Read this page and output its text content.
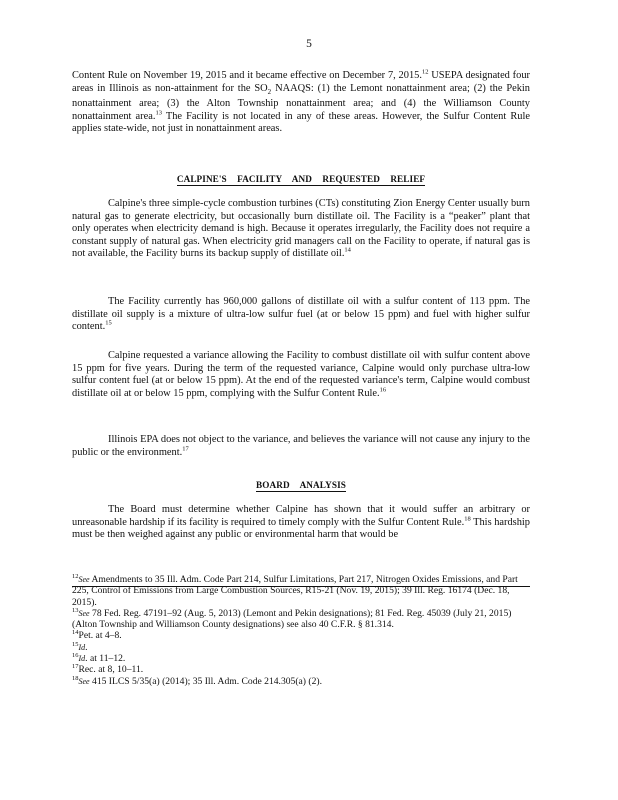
5

Content Rule on November 19, 2015 and it became effective on December 7, 2015.12 USEPA designated four areas in Illinois as non-attainment for the $SO_2$ NAAQS: (1) the Lemont nonattainment area; (2) the Pekin nonattainment area; (3) the Alton Township nonattainment area; and (4) the Williamson County nonattainment area.$^{13}$ The Facility is not located in any of these areas. However, the Sulfur Content Rule applies state-wide, not just in nonattainment areas.

CALPINE'S FACILITY AND REQUESTED RELIEF

Calpine's three simple-cycle combustion turbines (CTs) constituting Zion Energy Center usually burn natural gas to generate electricity, but occasionally burn distillate oil. The Facility is a “peaker” plant that only operates when electricity demand is high. Because it operates irregularly, the Facility does not require a constant supply of natural gas. When electricity grid managers call on the Facility to operate, if natural gas is not available, the Facility burns its backup supply of distillate oil.$^{14}$

The Facility currently has 960,000 gallons of distillate oil with a sulfur content of 113 ppm. The distillate oil supply is a mixture of ultra-low sulfur fuel (at or below 15 ppm) and fuel with higher sulfur content.$^{15}$

Calpine requested a variance allowing the Facility to combust distillate oil with sulfur content above 15 ppm for five years. During the term of the requested variance, Calpine would only purchase ultra-low sulfur content fuel (at or below 15 ppm). At the end of the requested variance's term, Calpine would combust distillate oil at or below 15 ppm, complying with the Sulfur Content Rule.$^{16}$

Illinois EPA does not object to the variance, and believes the variance will not cause any injury to the public or the environment.$^{17}$

BOARD ANALYSIS

The Board must determine whether Calpine has shown that it would suffer an arbitrary or unreasonable hardship if its facility is required to timely comply with the Sulfur Content Rule.$^{18}$ This hardship must be then weighed against any public or environmental harm that would be

$^{12}$See Amendments to 35 Ill. Adm. Code Part 214, Sulfur Limitations, Part 217, Nitrogen Oxides Emissions, and Part 225, Control of Emissions from Large Combustion Sources, R15-21 (Nov. 19, 2015); 39 Ill. Reg. 16174 (Dec. 18, 2015).
$^{13}$See 78 Fed. Reg. 47191–92 (Aug. 5, 2013) (Lemont and Pekin designations); 81 Fed. Reg. 45039 (July 21, 2015) (Alton Township and Williamson County designations) see also 40 C.F.R. § 81.314.
$^{14}$Pet. at 4–8.
$^{15}$Id.
$^{16}$Id. at 11–12.
$^{17}$Rec. at 8, 10–11.
$^{18}$See 415 ILCS 5/35(a) (2014); 35 Ill. Adm. Code 214.305(a) (2).
